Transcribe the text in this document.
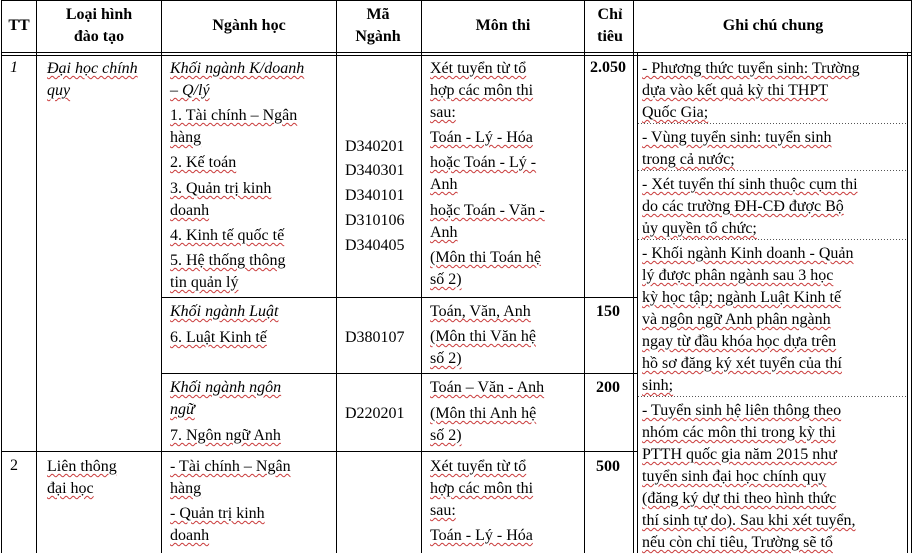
TT
Loại hình đào tạo
Ngành học
Mã Ngành
Môn thi
Chỉ tiêu
Ghi chú chung
1 Đại học chính
quy
Khối ngành K/doanh
– Q/lý
1. Tài chính – Ngân
hàng
2. Kế toán
3. Quản trị kinh
doanh
4. Kinh tế quốc tế
5. Hệ thống thông
tin quản lý
D340201
D340301
D340101
D310106
D340405
Xét tuyển từ tổ
hợp các môn thi
sau:
Toán - Lý - Hóa
hoặc Toán - Lý -
Anh
hoặc Toán - Văn -
Anh
(Môn thi Toán hệ
số 2)
2.050
Khối ngành Luật
6. Luật Kinh tế	D380107
Toán, Văn, Anh
(Môn thi Văn hệ
số 2)
150
Khối ngành ngôn
ngữ
7. Ngôn ngữ Anh
D220201
Toán – Văn - Anh
(Môn thi Anh hệ
số 2)
200
2 Liên thông
đại học
- Tài chính – Ngân
hàng
- Quản trị kinh
doanh
Xét tuyển từ tổ
hợp các môn thi
sau:
Toán - Lý - Hóa
500
- Phương thức tuyển sinh: Trường
dựa vào kết quả kỳ thi THPT
Quốc Gia;
- Vùng tuyển sinh: tuyển sinh
trong cả nước;
- Xét tuyển thí sinh thuộc cụm thi
do các trường ĐH-CĐ được Bộ
ủy quyền tổ chức;
- Khối ngành Kinh doanh - Quản
lý được phân ngành sau 3 học
kỳ học tập; ngành Luật Kinh tế
và ngôn ngữ Anh phân ngành
ngay từ đầu khóa học dựa trên
hồ sơ đăng ký xét tuyển của thí
sinh;
- Tuyển sinh hệ liên thông theo
nhóm các môn thi trong kỳ thi
PTTH quốc gia năm 2015 như
tuyển sinh đại học chính quy
(đăng ký dự thi theo hình thức
thí sinh tự do). Sau khi xét tuyển,
nếu còn chỉ tiêu, Trường sẽ tổ
